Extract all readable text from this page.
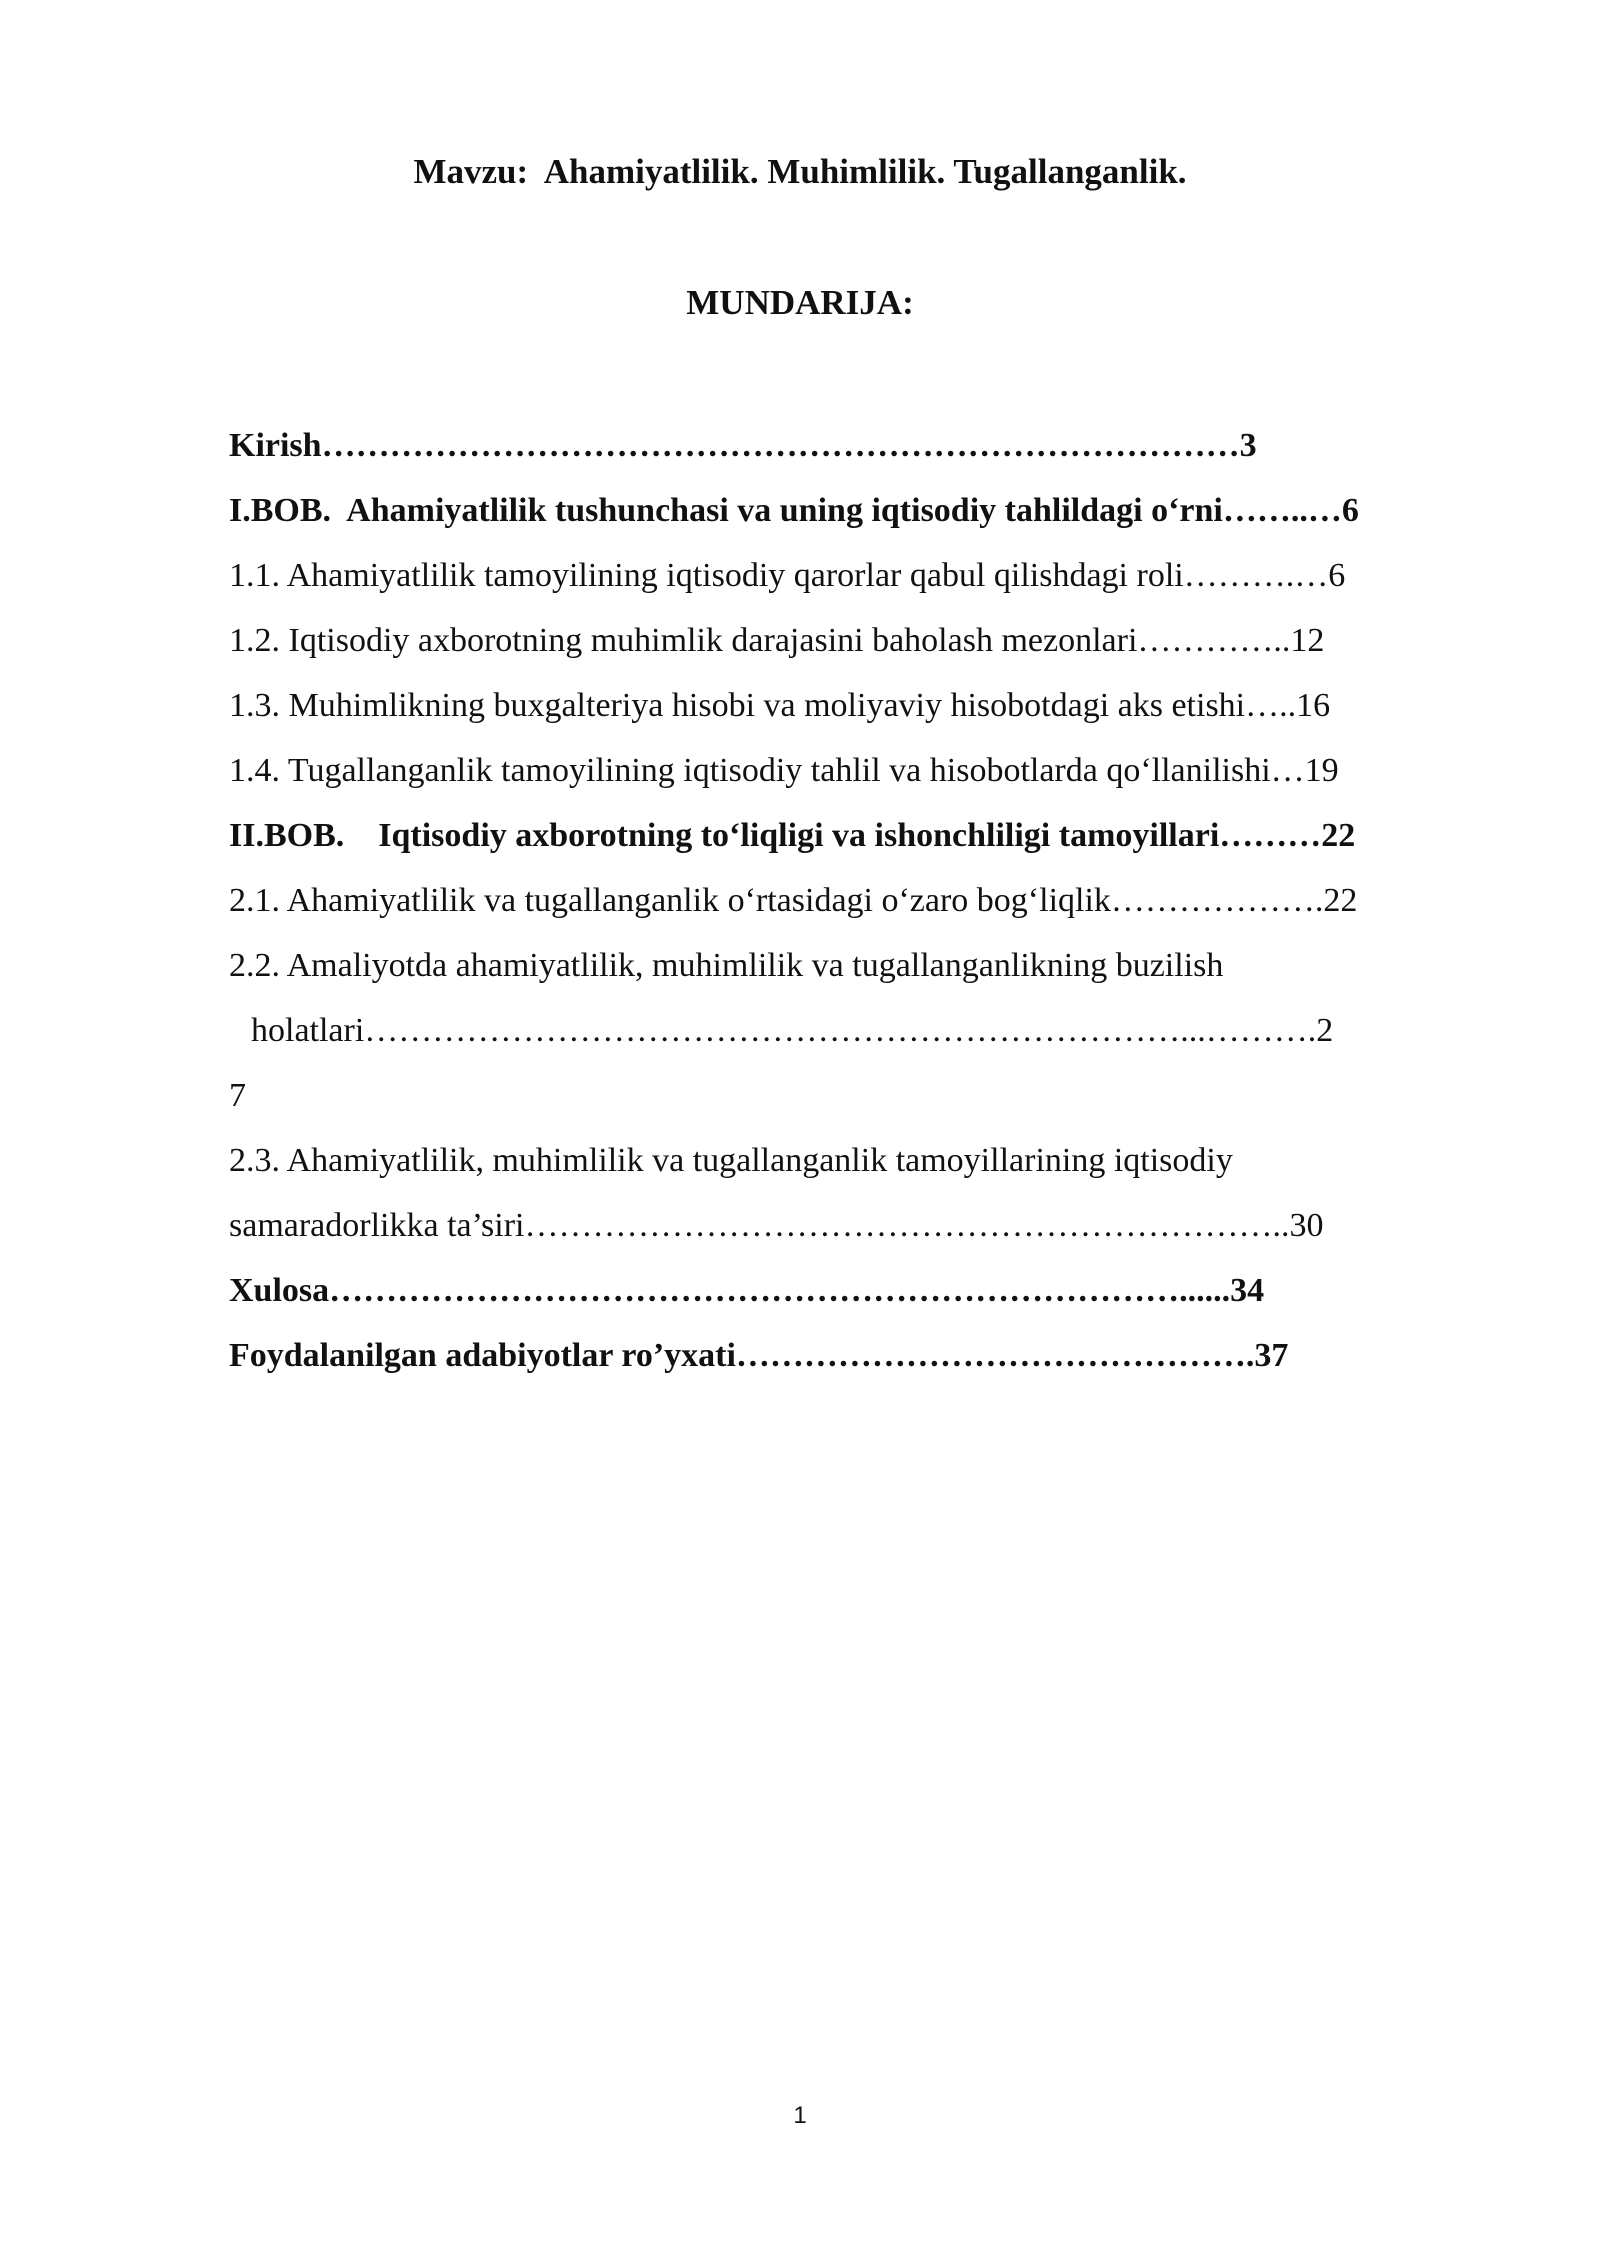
Mavzu:  Ahamiyatlilik. Muhimlilik. Tugallanganlik.
MUNDARIJA:
Kirish………………………………………………………………………3
I.BOB.  Ahamiyatlilik tushunchasi va uning iqtisodiy tahlildagi o‘rni……..…6
1.1. Ahamiyatlilik tamoyilining iqtisodiy qarorlar qabul qilishdagi roli……….…6
1.2. Iqtisodiy axborotning muhimlik darajasini baholash mezonlari…………..12
1.3. Muhimlikning buxgalteriya hisobi va moliyaviy hisobotdagi aks etishi…..16
1.4. Tugallanganlik tamoyilining iqtisodiy tahlil va hisobotlarda qo‘llanilishi…19
II.BOB.    Iqtisodiy axborotning to‘liqligi va ishonchliligi tamoyillari………22
2.1. Ahamiyatlilik va tugallanganlik o‘rtasidagi o‘zaro bog‘liqlik……………….22
2.2. Amaliyotda ahamiyatlilik, muhimlilik va tugallanganlikning buzilish
holatlari………………………………………………………………...……….2
7
2.3. Ahamiyatlilik, muhimlilik va tugallanganlik tamoyillarining iqtisodiy
samaradorlikka ta’siri…………………………………………………………..30
Xulosa…………………………………………………………………......34
Foydalanilgan adabiyotlar ro’yxati……………………………………….37
1
